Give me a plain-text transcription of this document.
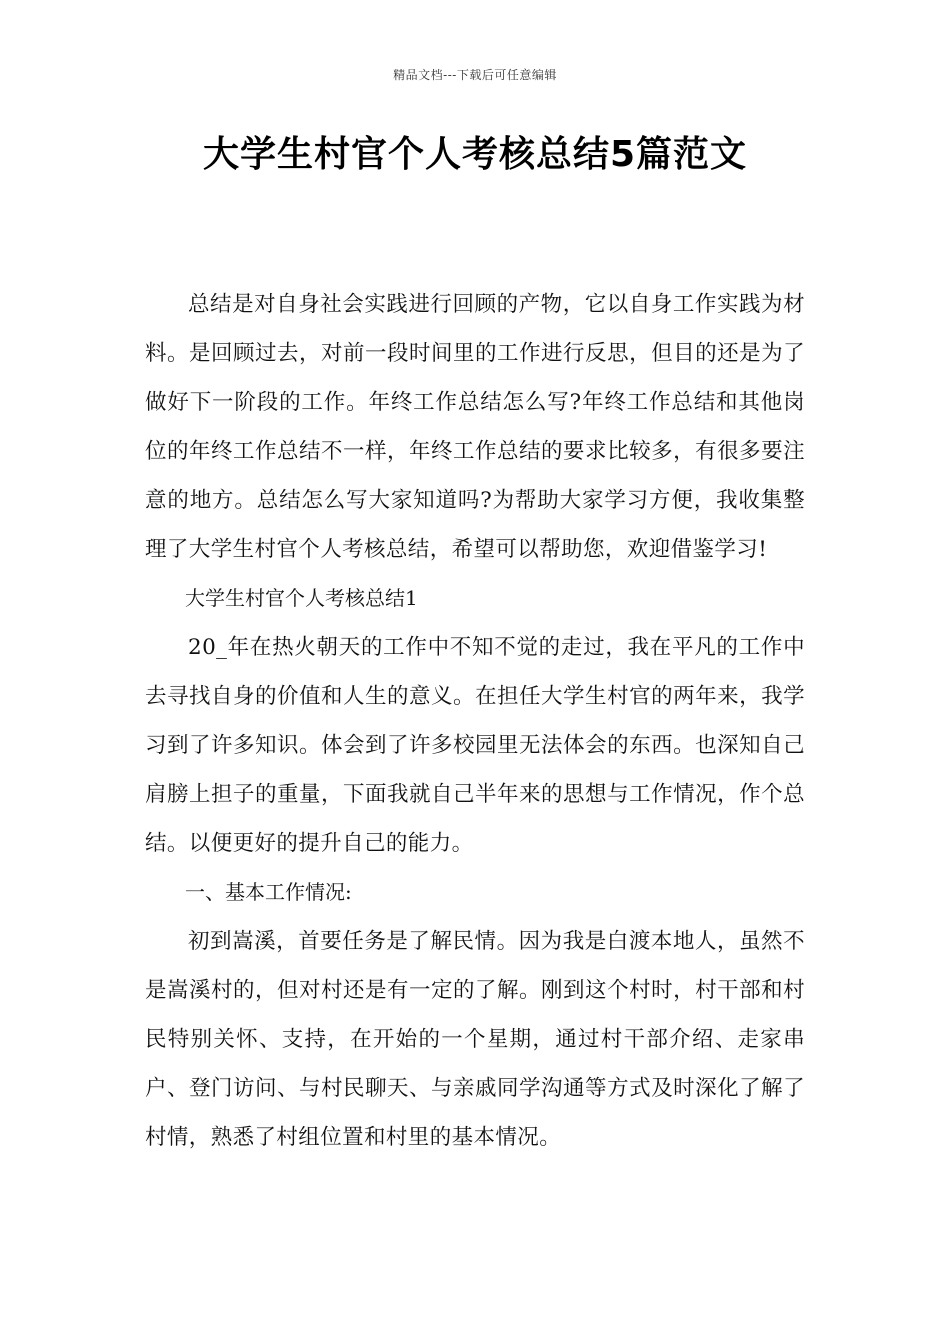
精品文档---下载后可任意编辑
大学生村官个人考核总结5篇范文

总结是对自身社会实践进行回顾的产物，它以自身工作实践为材料。是回顾过去，对前一段时间里的工作进行反思，但目的还是为了做好下一阶段的工作。年终工作总结怎么写?年终工作总结和其他岗位的年终工作总结不一样，年终工作总结的要求比较多，有很多要注意的地方。总结怎么写大家知道吗?为帮助大家学习方便，我收集整理了大学生村官个人考核总结，希望可以帮助您，欢迎借鉴学习!

大学生村官个人考核总结1

20_年在热火朝天的工作中不知不觉的走过，我在平凡的工作中去寻找自身的价值和人生的意义。在担任大学生村官的两年来，我学习到了许多知识。体会到了许多校园里无法体会的东西。也深知自己肩膀上担子的重量，下面我就自己半年来的思想与工作情况，作个总结。以便更好的提升自己的能力。

一、基本工作情况:

初到嵩溪，首要任务是了解民情。因为我是白渡本地人，虽然不是嵩溪村的，但对村还是有一定的了解。刚到这个村时，村干部和村民特别关怀、支持，在开始的一个星期，通过村干部介绍、走家串户、登门访问、与村民聊天、与亲戚同学沟通等方式及时深化了解了村情，熟悉了村组位置和村里的基本情况。
